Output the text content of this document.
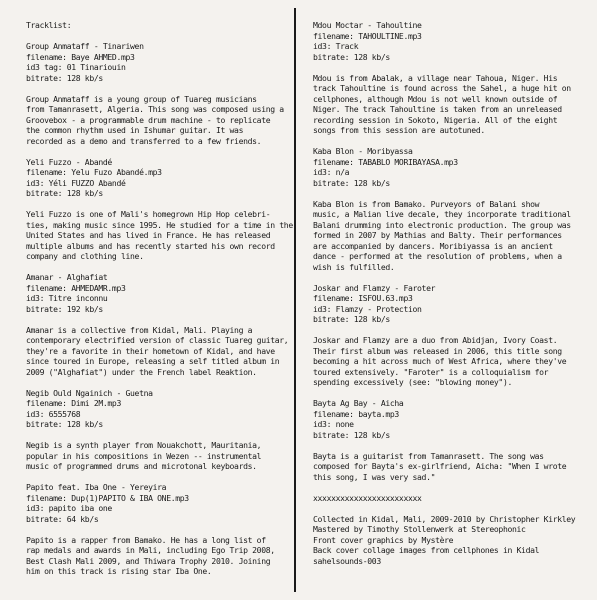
Tracklist:
Group Anmataff - Tinariwen
filename: Baye AHMED.mp3
id3 tag: 01 Tinariouin
bitrate: 128 kb/s
Group Anmataff is a young group of Tuareg musicians
from Tamanrasett, Algeria. This song was composed using a
Groovebox - a programmable drum machine - to replicate
the common rhythm used in Ishumar guitar. It was
recorded as a demo and transferred to a few friends.
Yeli Fuzzo - Abandé
filename: Yelu Fuzo Abandé.mp3
id3: Yéli FUZZO Abandé
bitrate: 128 kb/s
Yeli Fuzzo is one of Mali's homegrown Hip Hop celebri-
ties, making music since 1995. He studied for a time in the
United States and has lived in France. He has released
multiple albums and has recently started his own record
company and clothing line.
Amanar - Alghafiat
filename: AHMEDAMR.mp3
id3: Titre inconnu
bitrate: 192 kb/s
Amanar is a collective from Kidal, Mali. Playing a
contemporary electrified version of classic Tuareg guitar,
they're a favorite in their hometown of Kidal, and have
since toured in Europe, releasing a self titled album in
2009 ("Alghafiat") under the French label Reaktion.
Negib Ould Ngainich - Guetna
filename: Dimi 2M.mp3
id3: 6555768
bitrate: 128 kb/s
Negib is a synth player from Nouakchott, Mauritania,
popular in his compositions in Wezen -- instrumental
music of programmed drums and microtonal keyboards.
Papito feat. Iba One - Yereyira
filename: Dup(1)PAPITO & IBA ONE.mp3
id3: papito iba one
bitrate: 64 kb/s
Papito is a rapper from Bamako. He has a long list of
rap medals and awards in Mali, including Ego Trip 2008,
Best Clash Mali 2009, and Thiwara Trophy 2010. Joining
him on this track is rising star Iba One.
Mdou Moctar - Tahoultine
filename: TAHOULTINE.mp3
id3: Track
bitrate: 128 kb/s
Mdou is from Abalak, a village near Tahoua, Niger. His
track Tahoultine is found across the Sahel, a huge hit on
cellphones, although Mdou is not well known outside of
Niger. The track Tahoultine is taken from an unreleased
recording session in Sokoto, Nigeria. All of the eight
songs from this session are autotuned.
Kaba Blon - Moribyassa
filename: TABABLO MORIBAYASA.mp3
id3: n/a
bitrate: 128 kb/s
Kaba Blon is from Bamako. Purveyors of Balani show
music, a Malian live decale, they incorporate traditional
Balani drumming into electronic production. The group was
formed in 2007 by Mathias and Balty. Their performances
are accompanied by dancers. Moribiyassa is an ancient
dance - performed at the resolution of problems, when a
wish is fulfilled.
Joskar and Flamzy - Faroter
filename: ISFOU.63.mp3
id3: Flamzy - Protection
bitrate: 128 kb/s
Joskar and Flamzy are a duo from Abidjan, Ivory Coast.
Their first album was released in 2006, this title song
becoming a hit across much of West Africa, where they've
toured extensively. "Faroter" is a colloquialism for
spending excessively (see: "blowing money").
Bayta Ag Bay - Aicha
filename: bayta.mp3
id3: none
bitrate: 128 kb/s
Bayta is a guitarist from Tamanrasett. The song was
composed for Bayta's ex-girlfriend, Aicha: "When I wrote
this song, I was very sad."
xxxxxxxxxxxxxxxxxxxxxxxx
Collected in Kidal, Mali, 2009-2010 by Christopher Kirkley
Mastered by Timothy Stollenwerk at Stereophonic
Front cover graphics by Mystère
Back cover collage images from cellphones in Kidal
sahelsounds-003
